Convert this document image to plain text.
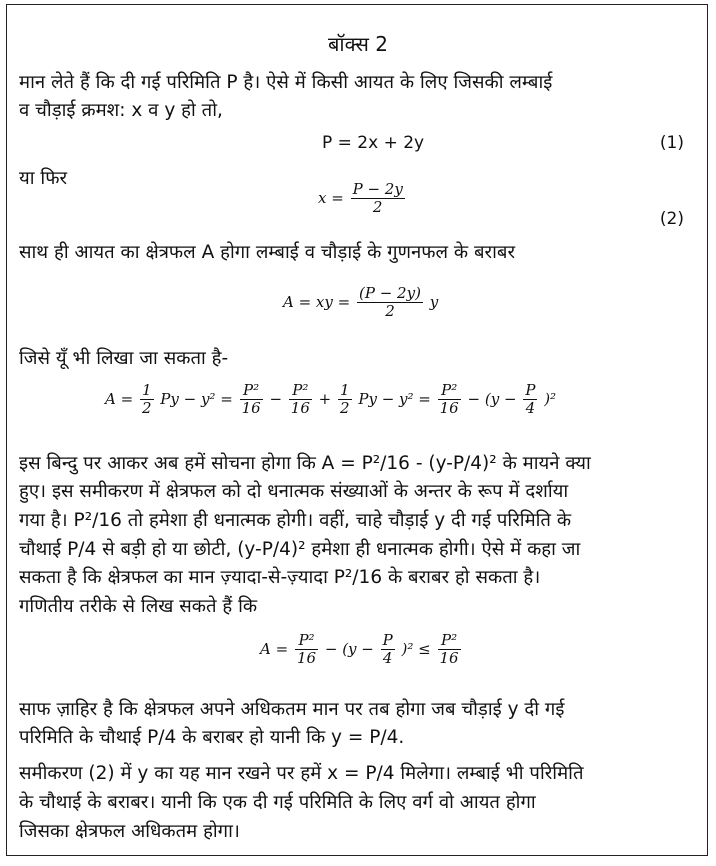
बॉक्स 2
मान लेते हैं कि दी गई परिमिति P है। ऐसे में किसी आयत के लिए जिसकी लम्बाई
व चौड़ाई क्रमश: x व y हो तो,
P = 2x + 2y	(1)
या फिर
$x = \frac{P - 2y}{2}$
(2)
साथ ही आयत का क्षेत्रफल A होगा लम्बाई व चौड़ाई के गुणनफल के बराबर
A = xy = $\frac{(P - 2y)}{2}$ y
जिसे यूँ भी लिखा जा सकता है-
$A = \frac{1}{2}$ $Py - y^2 = \frac{\text{P²}}{16} - \frac{\text{P²}}{16} + \frac{1}{2}$ $Py - y^2 = \frac{\text{P²}}{16} - (y - \frac{P}{4} )^2$
इस बिन्दु पर आकर अब हमें सोचना होगा कि A = P²/16 - (y-P/4)² के मायने क्या
हुए। इस समीकरण में क्षेत्रफल को दो धनात्मक संख्याओं के अन्तर के रूप में दर्शाया
गया है। P²/16 तो हमेशा ही धनात्मक होगी। वहीं, चाहे चौड़ाई y दी गई परिमिति के
चौथाई P/4 से बड़ी हो या छोटी, (y-P/4)² हमेशा ही धनात्मक होगी। ऐसे में कहा जा
सकता है कि क्षेत्रफल का मान ज़्यादा-से-ज़्यादा P²/16 के बराबर हो सकता है।
गणितीय तरीके से लिख सकते हैं कि
$A = \frac{\text{P²}}{16} - (y - \frac{P}{4} )^2 \le \frac{\text{P²}}{16}$
साफ ज़ाहिर है कि क्षेत्रफल अपने अधिकतम मान पर तब होगा जब चौड़ाई y दी गई
परिमिति के चौथाई P/4 के बराबर हो यानी कि y = P/4.
समीकरण (2) में y का यह मान रखने पर हमें x = P/4 मिलेगा। लम्बाई भी परिमिति
के चौथाई के बराबर। यानी कि एक दी गई परिमिति के लिए वर्ग वो आयत होगा
जिसका क्षेत्रफल अधिकतम होगा।
